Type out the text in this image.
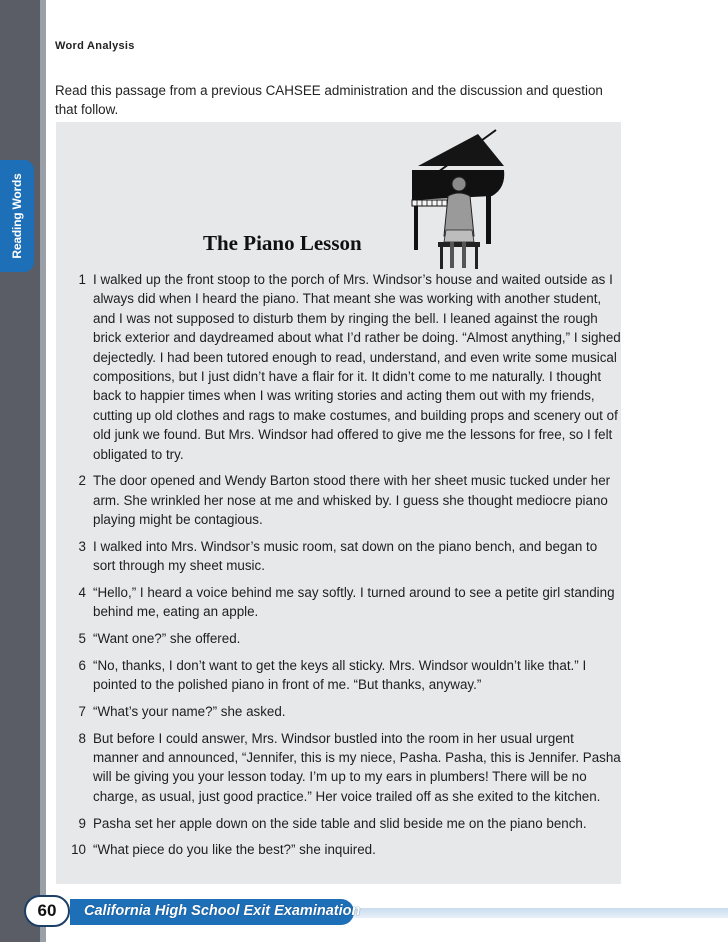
Reading Words
Word Analysis
Read this passage from a previous CAHSEE administration and the discussion and question that follow.
The Piano Lesson
1 I walked up the front stoop to the porch of Mrs. Windsor’s house and waited outside as I always did when I heard the piano. That meant she was working with another student, and I was not supposed to disturb them by ringing the bell. I leaned against the rough brick exterior and daydreamed about what I’d rather be doing. “Almost anything,” I sighed dejectedly. I had been tutored enough to read, understand, and even write some musical compositions, but I just didn’t have a flair for it. It didn’t come to me naturally. I thought back to happier times when I was writing stories and acting them out with my friends, cutting up old clothes and rags to make costumes, and building props and scenery out of old junk we found. But Mrs. Windsor had offered to give me the lessons for free, so I felt obligated to try.
2 The door opened and Wendy Barton stood there with her sheet music tucked under her arm. She wrinkled her nose at me and whisked by. I guess she thought mediocre piano playing might be contagious.
3 I walked into Mrs. Windsor’s music room, sat down on the piano bench, and began to sort through my sheet music.
4 “Hello,” I heard a voice behind me say softly. I turned around to see a petite girl standing behind me, eating an apple.
5 “Want one?” she offered.
6 “No, thanks, I don’t want to get the keys all sticky. Mrs. Windsor wouldn’t like that.” I pointed to the polished piano in front of me. “But thanks, anyway.”
7 “What’s your name?” she asked.
8 But before I could answer, Mrs. Windsor bustled into the room in her usual urgent manner and announced, “Jennifer, this is my niece, Pasha. Pasha, this is Jennifer. Pasha will be giving you your lesson today. I’m up to my ears in plumbers! There will be no charge, as usual, just good practice.” Her voice trailed off as she exited to the kitchen.
9 Pasha set her apple down on the side table and slid beside me on the piano bench.
10 “What piece do you like the best?” she inquired.
California High School Exit Examination
60
